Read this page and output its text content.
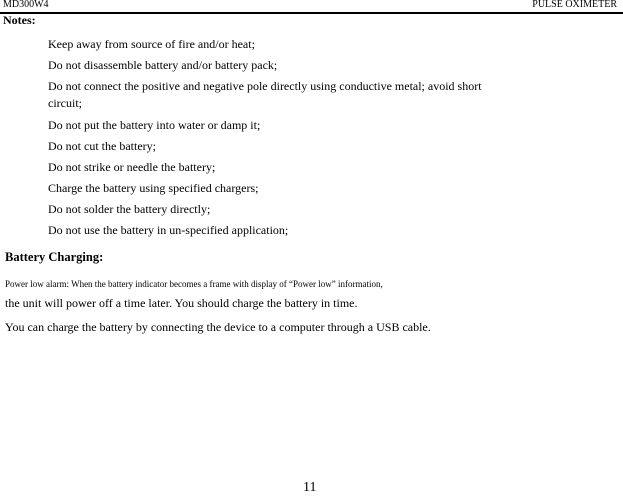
MD300W4	PULSE OXIMETER
Notes:
Keep away from source of fire and/or heat;
Do not disassemble battery and/or battery pack;
Do not connect the positive and negative pole directly using conductive metal; avoid short circuit;
Do not put the battery into water or damp it;
Do not cut the battery;
Do not strike or needle the battery;
Charge the battery using specified chargers;
Do not solder the battery directly;
Do not use the battery in un-specified application;
Battery Charging:
Power low alarm: When the battery indicator becomes a frame with display of “Power low” information,
the unit will power off a time later. You should charge the battery in time.
You can charge the battery by connecting the device to a computer through a USB cable.
11
